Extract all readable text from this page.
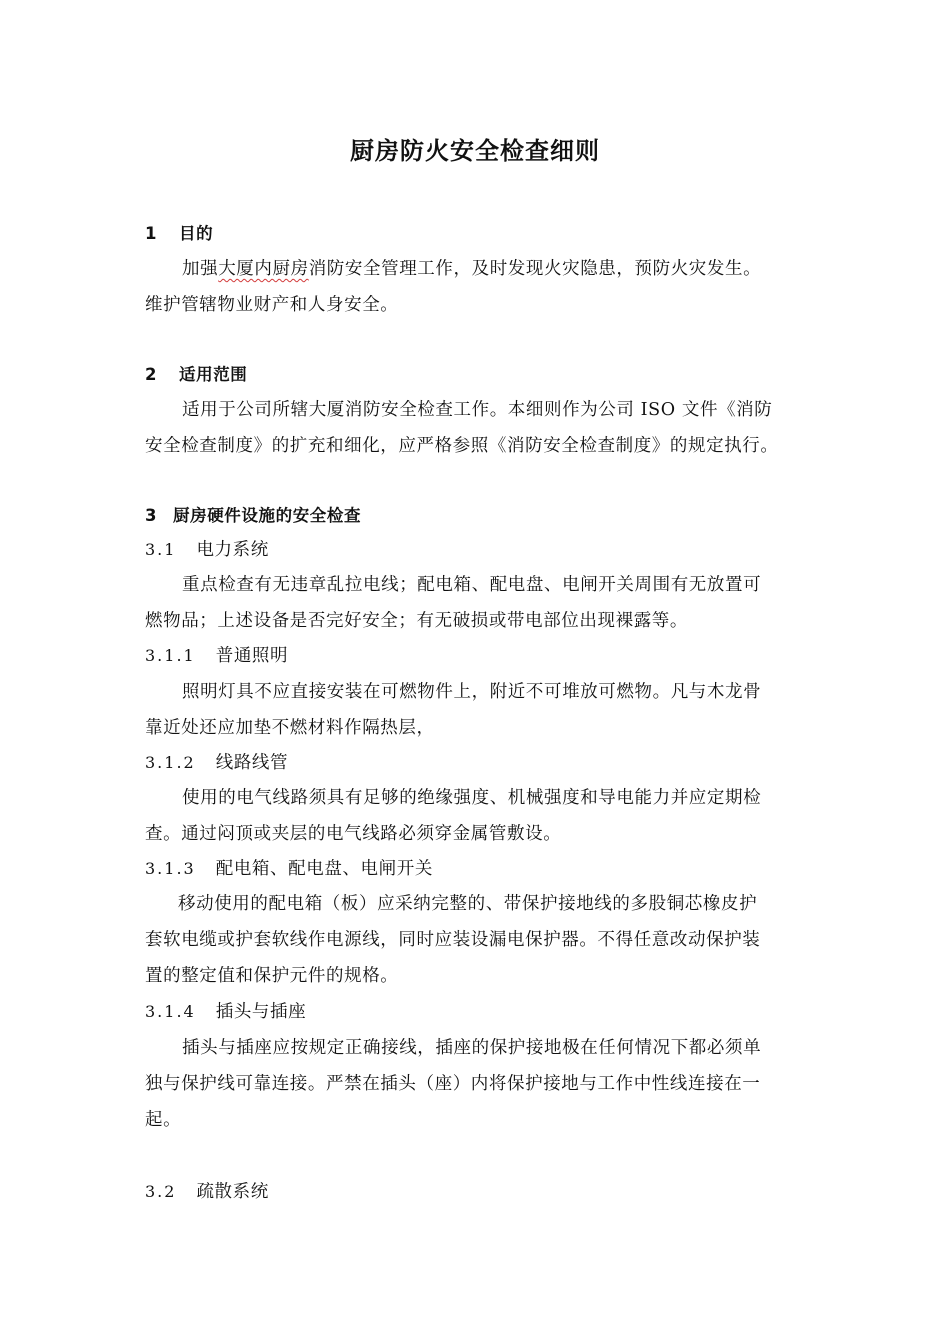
厨房防火安全检查细则
1 目的
加强大厦内厨房消防安全管理工作，及时发现火灾隐患，预防火灾发生。
维护管辖物业财产和人身安全。
2 适用范围
适用于公司所辖大厦消防安全检查工作。本细则作为公司 ISO 文件《消防
安全检查制度》的扩充和细化，应严格参照《消防安全检查制度》的规定执行。
3 厨房硬件设施的安全检查
3.1 电力系统
重点检查有无违章乱拉电线；配电箱、配电盘、电闸开关周围有无放置可
燃物品；上述设备是否完好安全；有无破损或带电部位出现裸露等。
3.1.1 普通照明
照明灯具不应直接安装在可燃物件上，附近不可堆放可燃物。凡与木龙骨
靠近处还应加垫不燃材料作隔热层，
3.1.2 线路线管
使用的电气线路须具有足够的绝缘强度、机械强度和导电能力并应定期检
查。通过闷顶或夹层的电气线路必须穿金属管敷设。
3.1.3 配电箱、配电盘、电闸开关
移动使用的配电箱（板）应采纳完整的、带保护接地线的多股铜芯橡皮护
套软电缆或护套软线作电源线，同时应装设漏电保护器。不得任意改动保护装
置的整定值和保护元件的规格。
3.1.4 插头与插座
插头与插座应按规定正确接线，插座的保护接地极在任何情况下都必须单
独与保护线可靠连接。严禁在插头（座）内将保护接地与工作中性线连接在一
起。
3.2 疏散系统
